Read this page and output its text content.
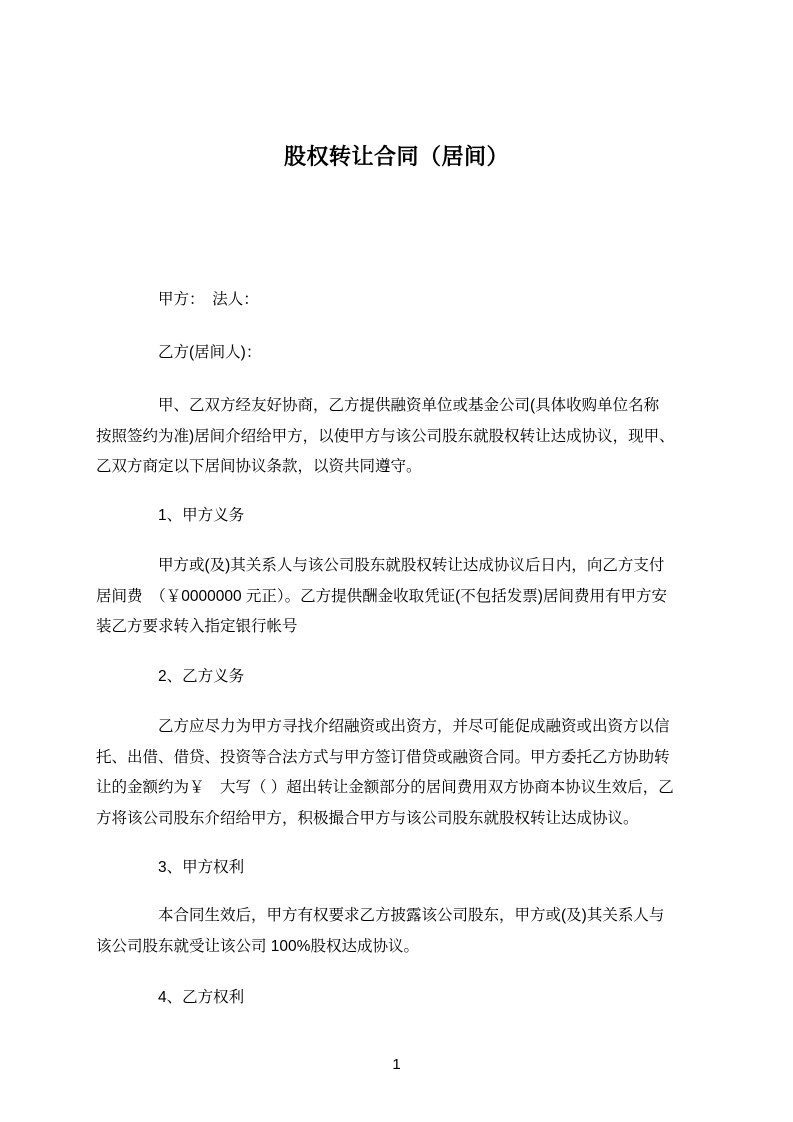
股权转让合同（居间）
甲方：　法人：
乙方(居间人)：
甲、乙双方经友好协商，乙方提供融资单位或基金公司(具体收购单位名称
按照签约为准)居间介绍给甲方，以使甲方与该公司股东就股权转让达成协议，现甲、
乙双方商定以下居间协议条款，以资共同遵守。
1、甲方义务
甲方或(及)其关系人与该公司股东就股权转让达成协议后日内，向乙方支付
居间费　（￥0000000 元正）。乙方提供酬金收取凭证(不包括发票)居间费用有甲方安
装乙方要求转入指定银行帐号
2、乙方义务
乙方应尽力为甲方寻找介绍融资或出资方，并尽可能促成融资或出资方以信
托、出借、借贷、投资等合法方式与甲方签订借贷或融资合同。甲方委托乙方协助转
让的金额约为￥　大写（ ）超出转让金额部分的居间费用双方协商本协议生效后，乙
方将该公司股东介绍给甲方，积极撮合甲方与该公司股东就股权转让达成协议。
3、甲方权利
本合同生效后，甲方有权要求乙方披露该公司股东，甲方或(及)其关系人与
该公司股东就受让该公司 100%股权达成协议。
4、乙方权利
1
